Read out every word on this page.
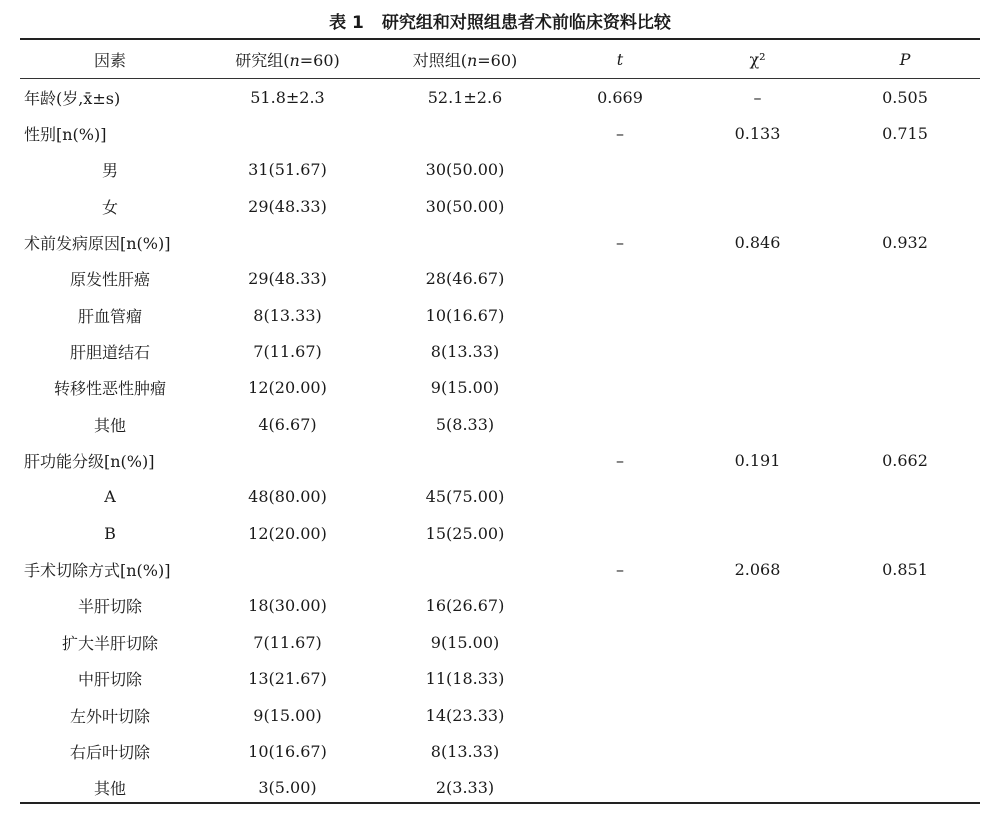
表 1 研究组和对照组患者术前临床资料比较
因素	研究组(n=60)	对照组(n=60)	t	χ²	P
年龄(岁,x̄±s)	51.8±2.3	52.1±2.6	0.669	–	0.505
性别[n(%)]			–	0.133	0.715
男	31(51.67)	30(50.00)			
女	29(48.33)	30(50.00)			
术前发病原因[n(%)]			–	0.846	0.932
原发性肝癌	29(48.33)	28(46.67)			
肝血管瘤	8(13.33)	10(16.67)			
肝胆道结石	7(11.67)	8(13.33)			
转移性恶性肿瘤	12(20.00)	9(15.00)			
其他	4(6.67)	5(8.33)			
肝功能分级[n(%)]			–	0.191	0.662
A	48(80.00)	45(75.00)			
B	12(20.00)	15(25.00)			
手术切除方式[n(%)]			–	2.068	0.851
半肝切除	18(30.00)	16(26.67)			
扩大半肝切除	7(11.67)	9(15.00)			
中肝切除	13(21.67)	11(18.33)			
左外叶切除	9(15.00)	14(23.33)			
右后叶切除	10(16.67)	8(13.33)			
其他	3(5.00)	2(3.33)			
